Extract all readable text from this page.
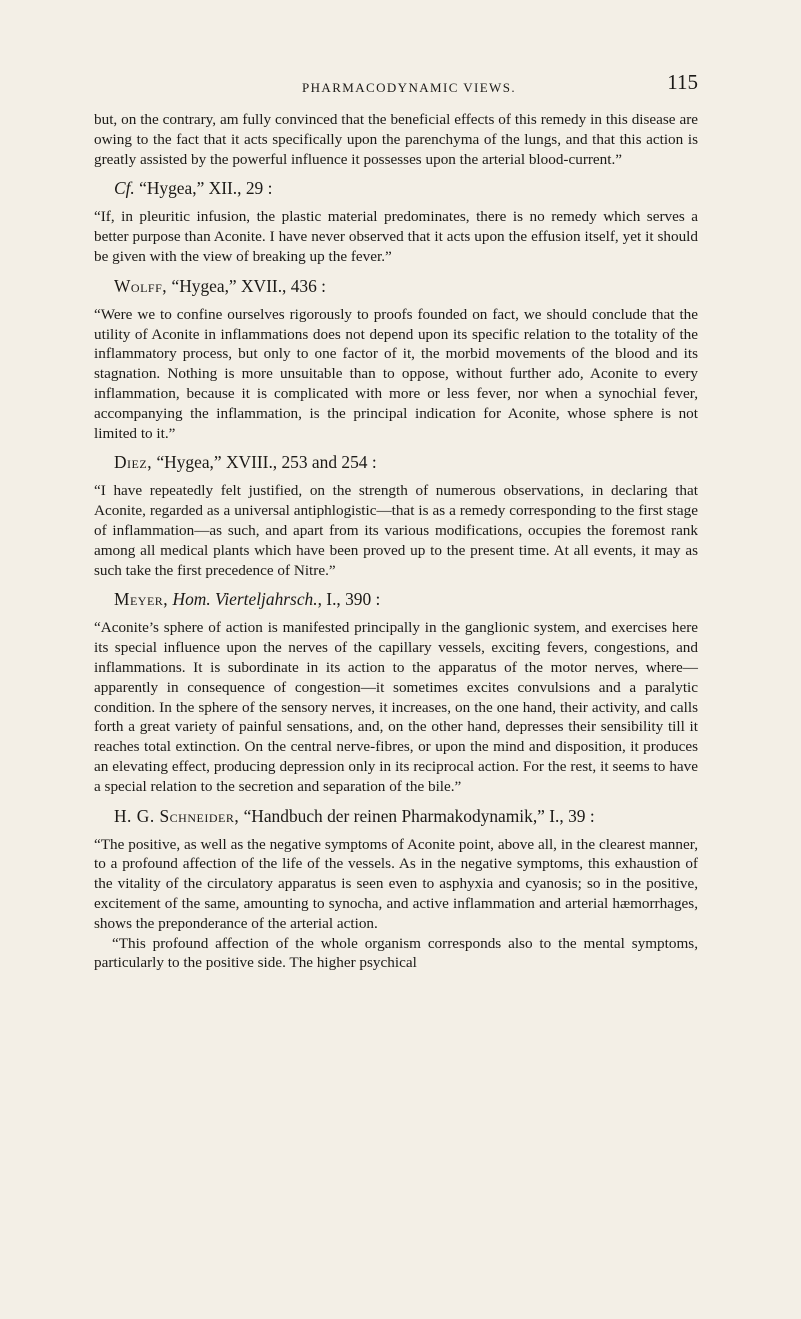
PHARMACODYNAMIC VIEWS.	115

but, on the contrary, am fully convinced that the beneficial effects of this remedy in this disease are owing to the fact that it acts specifically upon the parenchyma of the lungs, and that this action is greatly assisted by the powerful influence it possesses upon the arterial blood-current.”

Cf. “Hygea,” XII., 29 :

“If, in pleuritic infusion, the plastic material predominates, there is no remedy which serves a better purpose than Aconite. I have never observed that it acts upon the effusion itself, yet it should be given with the view of breaking up the fever.”

Wolff, “Hygea,” XVII., 436 :

“Were we to confine ourselves rigorously to proofs founded on fact, we should conclude that the utility of Aconite in inflammations does not depend upon its specific relation to the totality of the inflammatory process, but only to one factor of it, the morbid movements of the blood and its stagnation. Nothing is more unsuitable than to oppose, without further ado, Aconite to every inflammation, because it is complicated with more or less fever, nor when a synochial fever, accompanying the inflammation, is the principal indication for Aconite, whose sphere is not limited to it.”

Diez, “Hygea,” XVIII., 253 and 254 :

“I have repeatedly felt justified, on the strength of numerous observations, in declaring that Aconite, regarded as a universal antiphlogistic—that is as a remedy corresponding to the first stage of inflammation—as such, and apart from its various modifications, occupies the foremost rank among all medical plants which have been proved up to the present time. At all events, it may as such take the first precedence of Nitre.”

Meyer, Hom. Vierteljahrsch., I., 390 :

“Aconite’s sphere of action is manifested principally in the ganglionic system, and exercises here its special influence upon the nerves of the capillary vessels, exciting fevers, congestions, and inflammations. It is subordinate in its action to the apparatus of the motor nerves, where—apparently in consequence of congestion—it sometimes excites convulsions and a paralytic condition. In the sphere of the sensory nerves, it increases, on the one hand, their activity, and calls forth a great variety of painful sensations, and, on the other hand, depresses their sensibility till it reaches total extinction. On the central nerve-fibres, or upon the mind and disposition, it produces an elevating effect, producing depression only in its reciprocal action. For the rest, it seems to have a special relation to the secretion and separation of the bile.”

H. G. Schneider, “Handbuch der reinen Pharmakodynamik,” I., 39 :

“The positive, as well as the negative symptoms of Aconite point, above all, in the clearest manner, to a profound affection of the life of the vessels. As in the negative symptoms, this exhaustion of the vitality of the circulatory apparatus is seen even to asphyxia and cyanosis; so in the positive, excitement of the same, amounting to synocha, and active inflammation and arterial hæmorrhages, shows the preponderance of the arterial action.

“This profound affection of the whole organism corresponds also to the mental symptoms, particularly to the positive side. The higher psychical
